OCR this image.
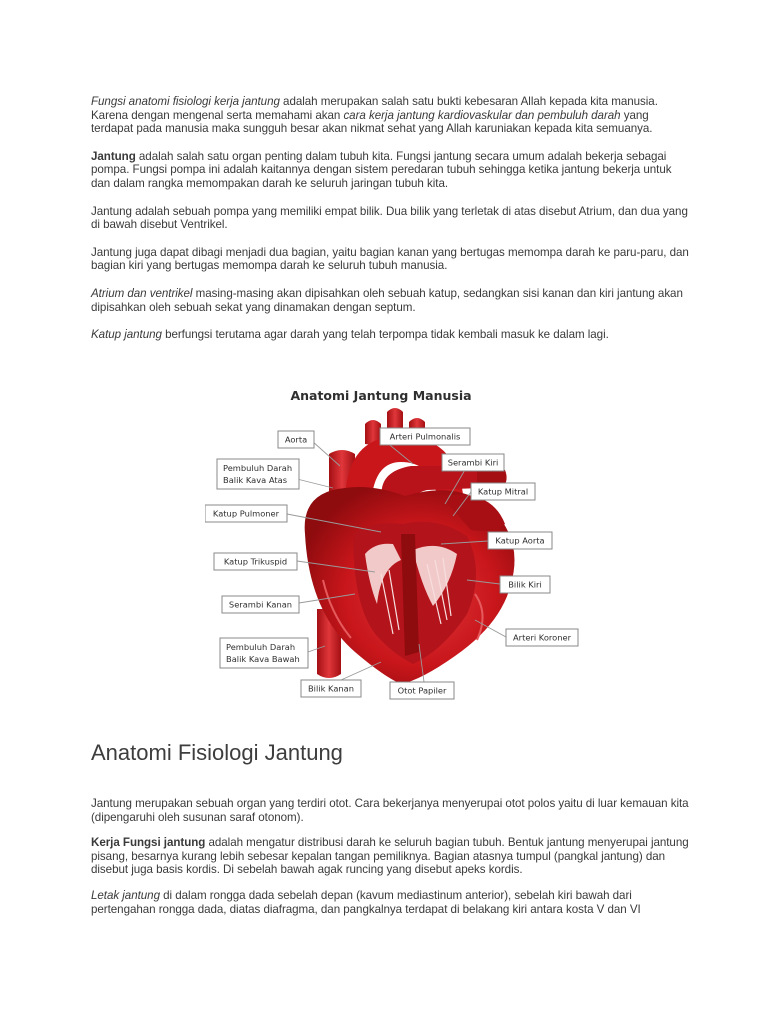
Fungsi anatomi fisiologi kerja jantung adalah merupakan salah satu bukti kebesaran Allah kepada kita manusia. Karena dengan mengenal serta memahami akan cara kerja jantung kardiovaskular dan pembuluh darah yang terdapat pada manusia maka sungguh besar akan nikmat sehat yang Allah karuniakan kepada kita semuanya.

Jantung adalah salah satu organ penting dalam tubuh kita. Fungsi jantung secara umum adalah bekerja sebagai pompa. Fungsi pompa ini adalah kaitannya dengan sistem peredaran tubuh sehingga ketika jantung bekerja untuk dan dalam rangka memompakan darah ke seluruh jaringan tubuh kita.

Jantung adalah sebuah pompa yang memiliki empat bilik. Dua bilik yang terletak di atas disebut Atrium, dan dua yang di bawah disebut Ventrikel.

Jantung juga dapat dibagi menjadi dua bagian, yaitu bagian kanan yang bertugas memompa darah ke paru-paru, dan bagian kiri yang bertugas memompa darah ke seluruh tubuh manusia.

Atrium dan ventrikel masing-masing akan dipisahkan oleh sebuah katup, sedangkan sisi kanan dan kiri jantung akan dipisahkan oleh sebuah sekat yang dinamakan dengan septum.

Katup jantung berfungsi terutama agar darah yang telah terpompa tidak kembali masuk ke dalam lagi.

Anatomi Jantung Manusia
Aorta	Arteri Pulmonalis
Pembuluh Darah
Balik Kava Atas
Serambi Kiri
Katup Mitral
Katup Pulmoner
Katup Aorta
Katup Trikuspid
Bilik Kiri
Serambi Kanan
Arteri Koroner
Pembuluh Darah
Balik Kava Bawah
Bilik Kanan	Otot Papiler
Anatomi Fisiologi Jantung

Jantung merupakan sebuah organ yang terdiri otot. Cara bekerjanya menyerupai otot polos yaitu di luar kemauan kita (dipengaruhi oleh susunan saraf otonom).

Kerja Fungsi jantung adalah mengatur distribusi darah ke seluruh bagian tubuh. Bentuk jantung menyerupai jantung pisang, besarnya kurang lebih sebesar kepalan tangan pemiliknya. Bagian atasnya tumpul (pangkal jantung) dan disebut juga basis kordis. Di sebelah bawah agak runcing yang disebut apeks kordis.

Letak jantung di dalam rongga dada sebelah depan (kavum mediastinum anterior), sebelah kiri bawah dari pertengahan rongga dada, diatas diafragma, dan pangkalnya terdapat di belakang kiri antara kosta V dan VI
